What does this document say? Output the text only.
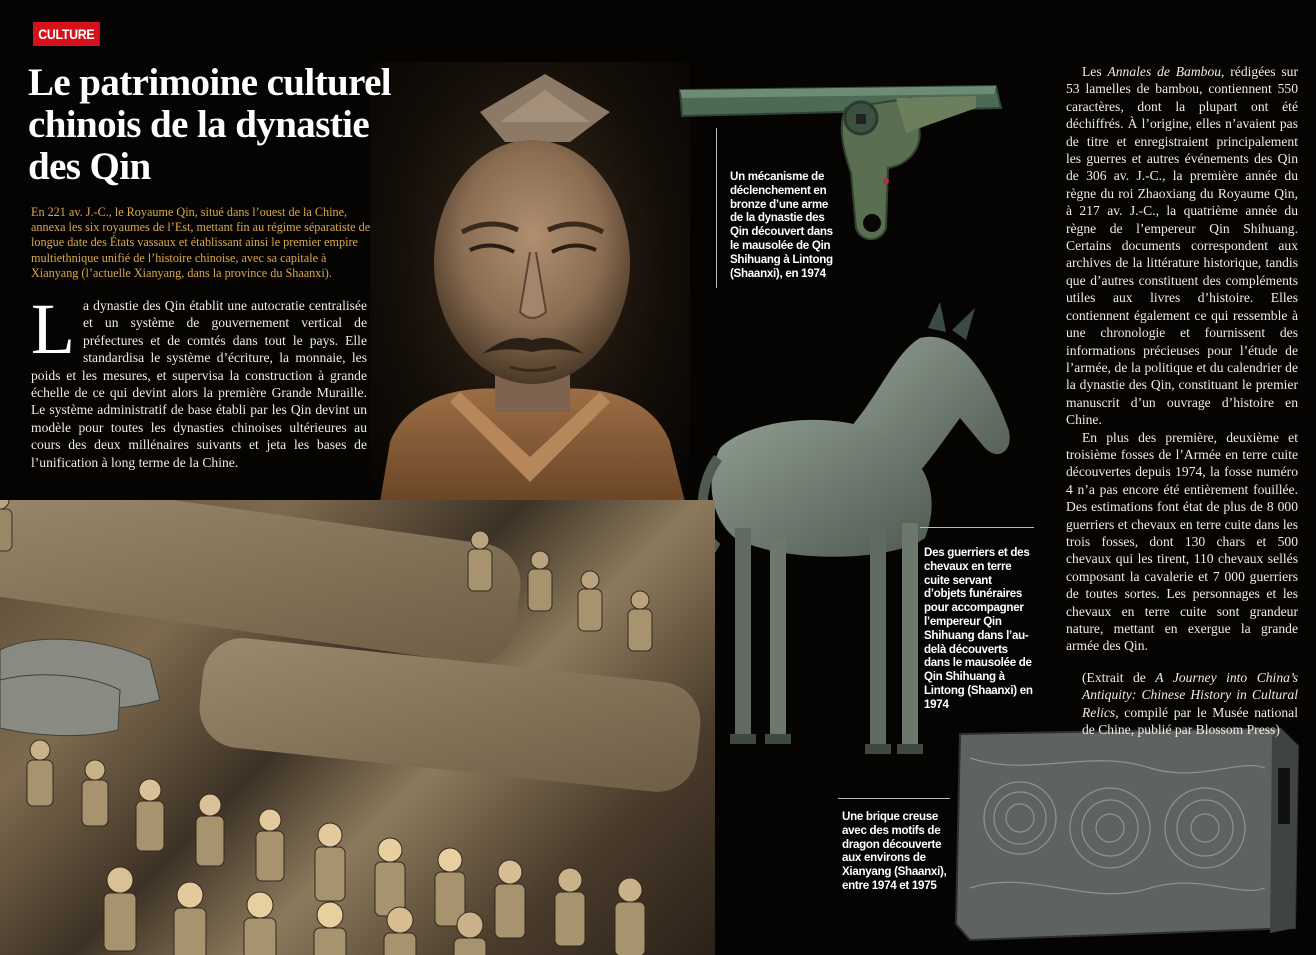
Un mécanisme de déclenchement en bronze d’une arme de la dynastie des Qin découvert dans le mausolée de Qin Shihuang à Lintong (Shaanxi), en 1974

Des guerriers et des chevaux en terre cuite servant d’objets funéraires pour accompagner l’empereur Qin Shihuang dans l’au-delà découverts dans le mausolée de Qin Shihuang à Lintong (Shaanxi) en 1974

Une brique creuse avec des motifs de dragon découverte aux environs de Xianyang (Shaanxi), entre 1974 et 1975

CULTURE
Le patrimoine culturel chinois de la dynastie des Qin

En 221 av. J.-C., le Royaume Qin, situé dans l’ouest de la Chine, annexa les six royaumes de l’Est, mettant fin au régime séparatiste de longue date des États vassaux et établissant ainsi le premier empire multiethnique unifié de l’histoire chinoise, avec sa capitale à Xianyang (l’actuelle Xianyang, dans la province du Shaanxi).

La dynastie des Qin établit une autocratie centralisée et un système de gouvernement vertical de préfectures et de comtés dans tout le pays. Elle standardisa le système d’écriture, la monnaie, les poids et les mesures, et supervisa la construction à grande échelle de ce qui devint alors la première Grande Muraille. Le système administratif de base établi par les Qin devint un modèle pour toutes les dynasties chinoises ultérieures au cours des deux millénaires suivants et jeta les bases de l’unification à long terme de la Chine.

Les Annales de Bambou, rédigées sur 53 lamelles de bambou, contiennent 550 caractères, dont la plupart ont été déchiffrés. À l’origine, elles n’avaient pas de titre et enregistraient principalement les guerres et autres événements des Qin de 306 av. J.-C., la première année du règne du roi Zhaoxiang du Royaume Qin, à 217 av. J.-C., la quatrième année du règne de l’empereur Qin Shihuang. Certains documents correspondent aux archives de la littérature historique, tandis que d’autres constituent des compléments utiles aux livres d’histoire. Elles contiennent également ce qui ressemble à une chronologie et fournissent des informations précieuses pour l’étude de l’armée, de la politique et du calendrier de la dynastie des Qin, constituant le premier manuscrit d’un ouvrage d’histoire en Chine.

En plus des première, deuxième et troisième fosses de l’Armée en terre cuite découvertes depuis 1974, la fosse numéro 4 n’a pas encore été entièrement fouillée. Des estimations font état de plus de 8 000 guerriers et chevaux en terre cuite dans les trois fosses, dont 130 chars et 500 chevaux qui les tirent, 110 chevaux sellés composant la cavalerie et 7 000 guerriers de toutes sortes. Les personnages et les chevaux en terre cuite sont grandeur nature, mettant en exergue la grande armée des Qin.

(Extrait de A Journey into China’s Antiquity: Chinese History in Cultural Relics, compilé par le Musée national de Chine, publié par Blossom Press)
